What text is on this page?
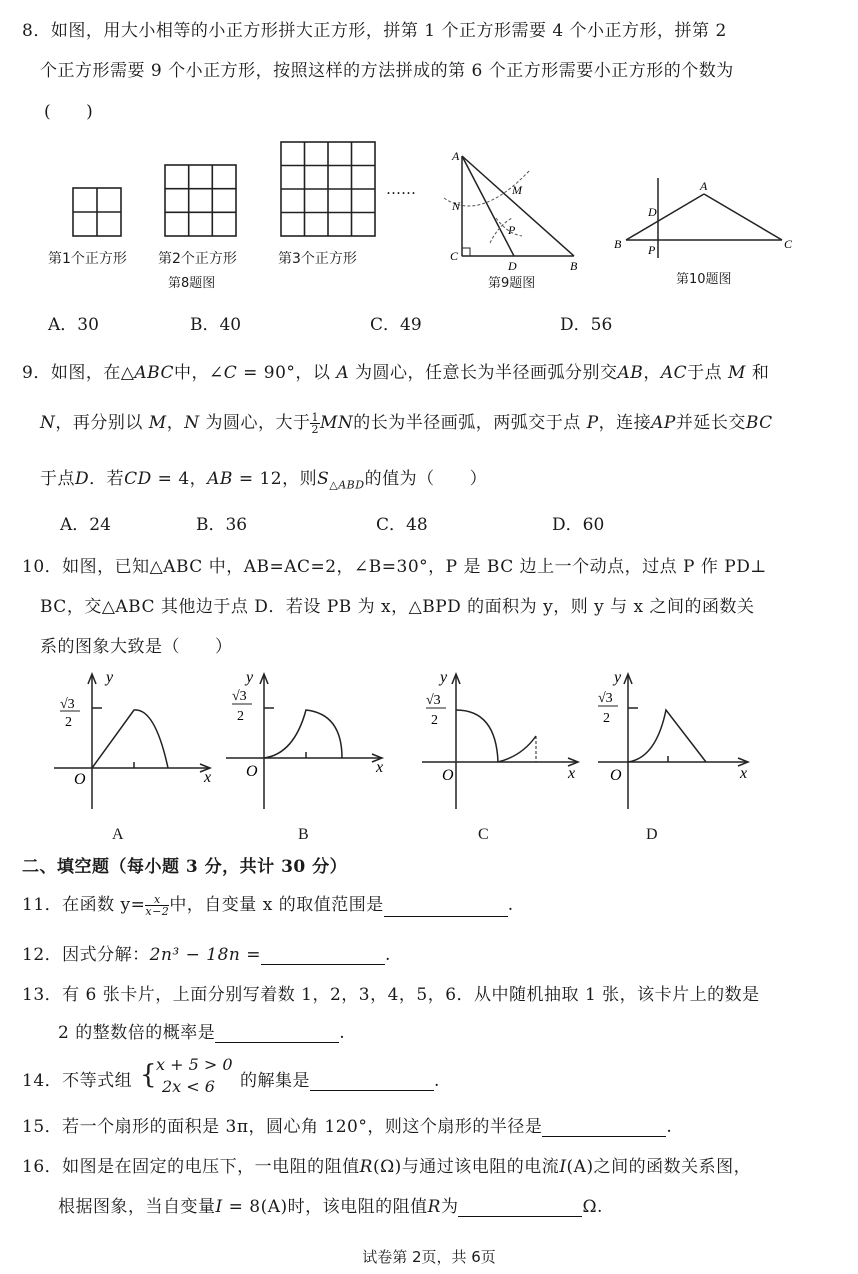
8．如图，用大小相等的小正方形拼大正方形，拼第 1 个正方形需要 4 个小正方形，拼第 2
个正方形需要 9 个小正方形，按照这样的方法拼成的第 6 个正方形需要小正方形的个数为
(　　)
……
第1个正方形 第2个正方形	第3个正方形
第8题图
A
M
N
P
C
D	B
第9题图
A
D
B P	C
第10题图
A．30	B．40	C．49	D．56
9．如图，在△ABC中，∠C = 90°，以 A 为圆心，任意长为半径画弧分别交AB，AC于点 M 和
N，再分别以 M，N 为圆心，大于 $\frac{1}{2}$ MN的长为半径画弧，两弧交于点 P，连接AP并延长交BC
于点D．若CD = 4，AB = 12，则$S_{\triangle ABD}$的值为（　　）
A．24	B．36	C．48	D．60
10．如图，已知△ABC 中，AB=AC=2，∠B=30°，P 是 BC 边上一个动点，过点 P 作 PD⊥
BC，交△ABC 其他边于点 D．若设 PB 为 x，△BPD 的面积为 y，则 y 与 x 之间的函数关
系的图象大致是（　　）
y
x
O
√3
2
y
x
O
√3
2
y
x
O
√3
2
y
x
O
√3
2
A	B	C	D
二、填空题（每小题 3 分，共计 30 分）
11．在函数 $y= \frac{x}{x-2}$ 中，自变量 x 的取值范围是	.
12．因式分解：2n³ − 18n =	.
13．有 6 张卡片，上面分别写着数 1，2，3，4，5，6．从中随机抽取 1 张，该卡片上的数是
2 的整数倍的概率是	.
14．不等式组 { x + 5 > 0
2x < 6	的解集是	.
15．若一个扇形的面积是 3π，圆心角 120°，则这个扇形的半径是	.
16．如图是在固定的电压下，一电阻的阻值R(Ω)与通过该电阻的电流I(A)之间的函数关系图，
根据图象，当自变量I = 8(A)时，该电阻的阻值R为	Ω.
试卷第 2页，共 6页
